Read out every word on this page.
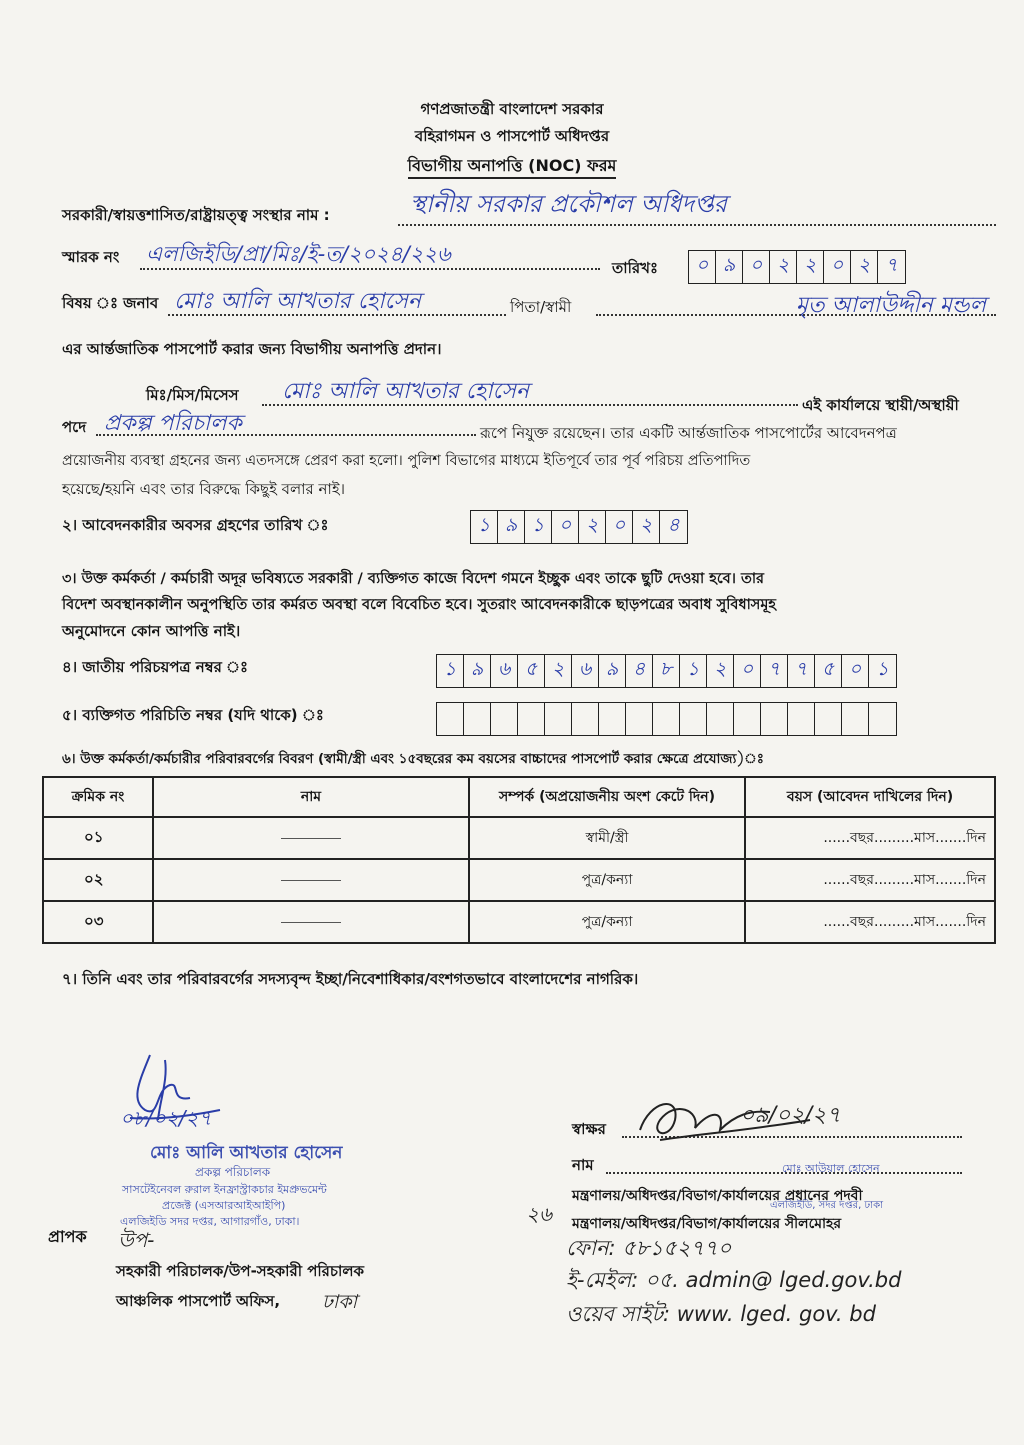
গণপ্রজাতন্ত্রী বাংলাদেশ সরকার
বহিরাগমন ও পাসপোর্ট অধিদপ্তর
বিভাগীয় অনাপত্তি (NOC) ফরম
সরকারী/স্বায়ত্তশাসিত/রাষ্ট্রায়ত্ত্ব সংস্থার নাম :	স্থানীয় সরকার প্রকৌশল অধিদপ্তর
স্মারক নং এলজিইডি/প্রা/মিঃ/ই-ত/২০২৪/২২৬
তারিখঃ	০ ৯ ০ ২ ২ ০ ২ ৭
বিষয় ঃ জনাব মোঃ আলি আখতার হোসেন	পিতা/স্বামী	মৃত আলাউদ্দীন মন্ডল
এর আর্ন্তজাতিক পাসপোর্ট করার জন্য বিভাগীয় অনাপত্তি প্রদান।
মিঃ/মিস/মিসেস মোঃ আলি আখতার হোসেন
এই কার্যালয়ে স্থায়ী/অস্থায়ী
পদে প্রকল্প পরিচালক	রূপে নিযুক্ত রয়েছেন। তার একটি আর্ন্তজাতিক পাসপোর্টের আবেদনপত্র
প্রয়োজনীয় ব্যবস্থা গ্রহনের জন্য এতদসঙ্গে প্রেরণ করা হলো। পুলিশ বিভাগের মাধ্যমে ইতিপূর্বে তার পূর্ব পরিচয় প্রতিপাদিত
হয়েছে/হয়নি এবং তার বিরুদ্ধে কিছুই বলার নাই।
২। আবেদনকারীর অবসর গ্রহণের তারিখ ঃ	১ ৯ ১ ০ ২ ০ ২ ৪
৩। উক্ত কর্মকর্তা / কর্মচারী অদূর ভবিষ্যতে সরকারী / ব্যক্তিগত কাজে বিদেশ গমনে ইচ্ছুক এবং তাকে ছুটি দেওয়া হবে। তার
বিদেশ অবস্থানকালীন অনুপস্থিতি তার কর্মরত অবস্থা বলে বিবেচিত হবে। সুতরাং আবেদনকারীকে ছাড়পত্রের অবাধ সুবিধাসমূহ
অনুমোদনে কোন আপত্তি নাই।
৪। জাতীয় পরিচয়পত্র নম্বর ঃ	১ ৯ ৬ ৫ ২ ৬ ৯ ৪ ৮ ১ ২ ০ ৭ ৭ ৫ ০ ১
৫। ব্যক্তিগত পরিচিতি নম্বর (যদি থাকে) ঃ
৬। উক্ত কর্মকর্তা/কর্মচারীর পরিবারবর্গের বিবরণ (স্বামী/স্ত্রী এবং ১৫বছরের কম বয়সের বাচ্চাদের পাসপোর্ট করার ক্ষেত্রে প্রযোজ্য)ঃ
ক্রমিক নং	নাম	সম্পর্ক (অপ্রয়োজনীয় অংশ কেটে দিন)	বয়স (আবেদন দাখিলের দিন)
০১		স্বামী/স্ত্রী	......বছর.........মাস.......দিন
০২		পুত্র/কন্যা	......বছর.........মাস.......দিন
০৩		পুত্র/কন্যা	......বছর.........মাস.......দিন
৭। তিনি এবং তার পরিবারবর্গের সদস্যবৃন্দ ইচ্ছা/নিবেশাধিকার/বংশগতভাবে বাংলাদেশের নাগরিক।
০৮/০২/২৭
মোঃ আলি আখতার হোসেন
প্রকল্প পরিচালক
সাসটেইনেবল রুরাল ইনফ্রাস্ট্রাকচার ইমপ্রুভমেন্ট
প্রজেক্ট (এসআরআইআইপি)
এলজিইডি সদর দপ্তর, আগারগাঁও, ঢাকা।
প্রাপক উপ-
সহকারী পরিচালক/উপ-সহকারী পরিচালক
আঞ্চলিক পাসপোর্ট অফিস, ঢাকা
স্বাক্ষর
০৯/০২/২৭
নাম	মোঃ আউয়াল হোসেন
মন্ত্রণালয়/অধিদপ্তর/বিভাগ/কার্যালয়ের প্রধানের পদবী
মন্ত্রণালয়/অধিদপ্তর/বিভাগ/কার্যালয়ের সীলমোহর
এলজিইডি, সদর দপ্তর, ঢাকা
২৬
ফোন: ৫৮১৫২৭৭০
ই-মেইল: ০৫. admin@ lged.gov.bd
ওয়েব সাইট: www. lged. gov. bd
